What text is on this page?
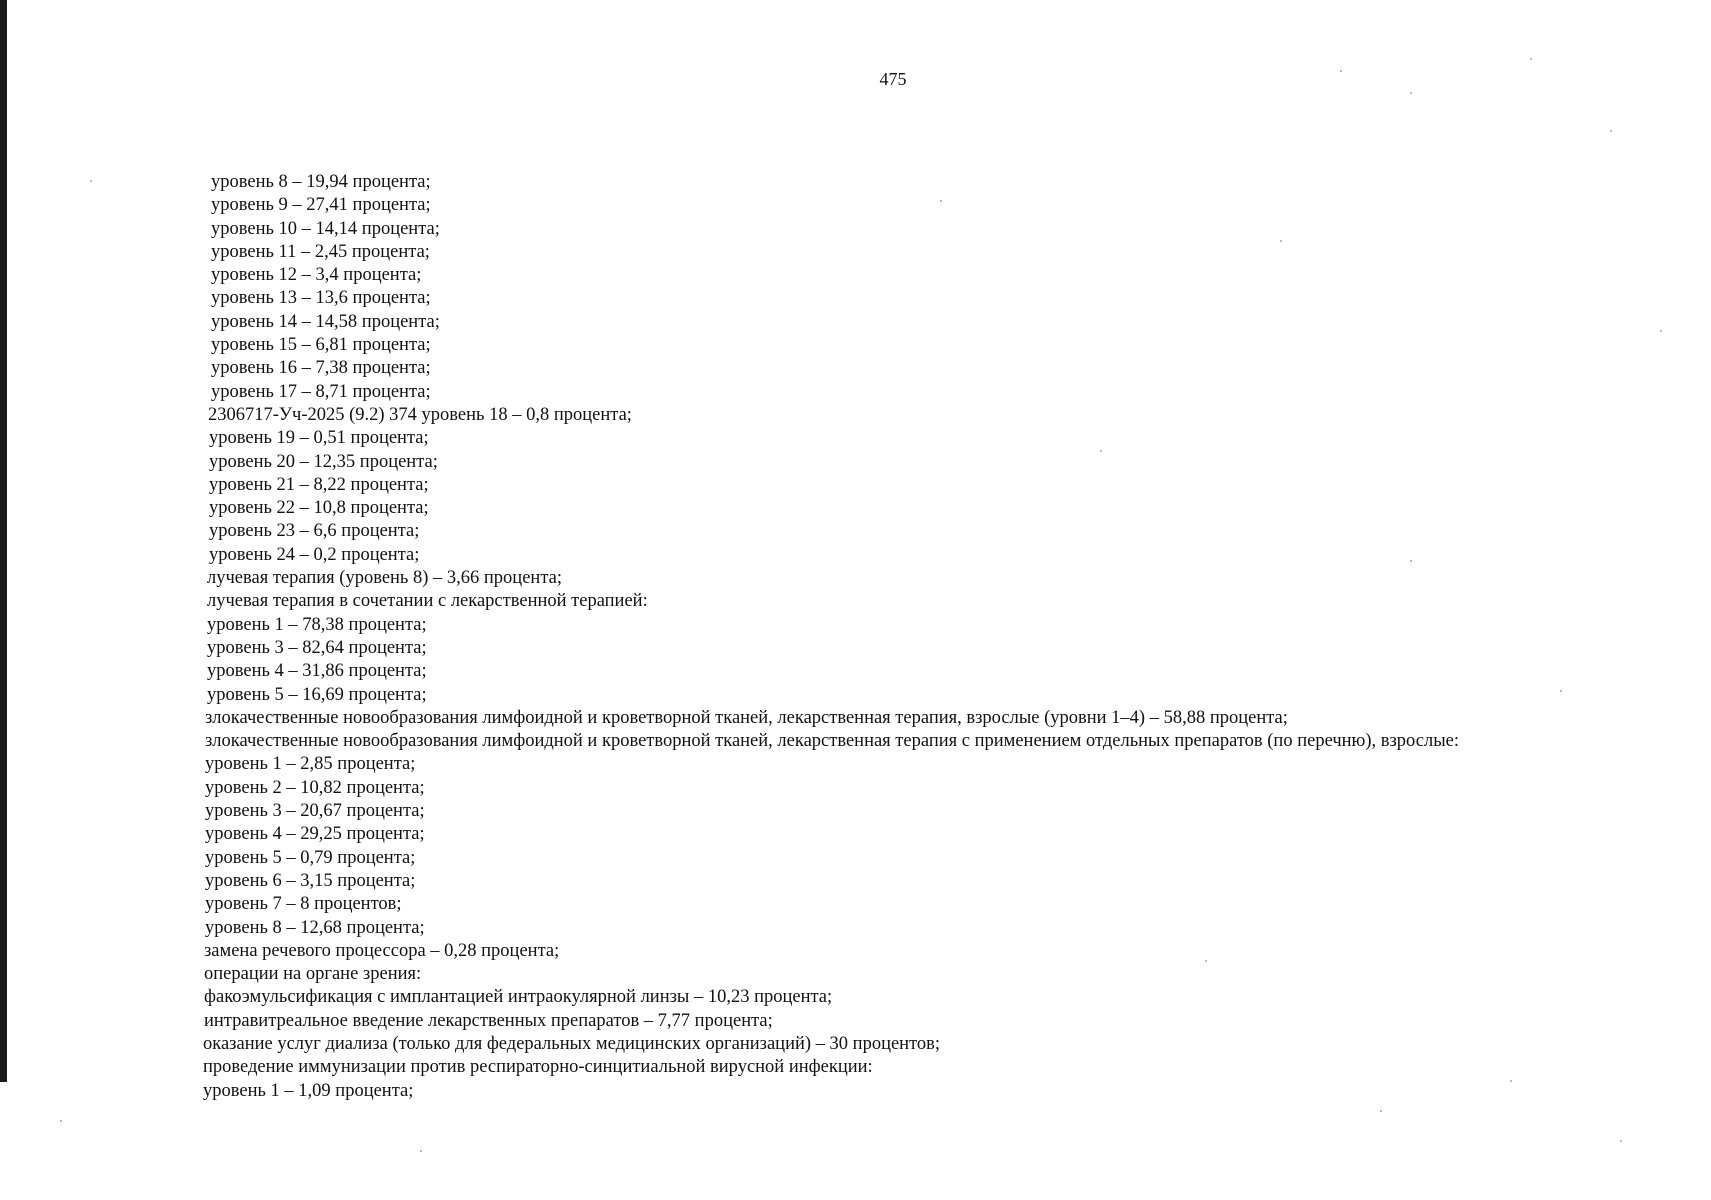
475
уровень 8 – 19,94 процента;
уровень 9 – 27,41 процента;
уровень 10 – 14,14 процента;
уровень 11 – 2,45 процента;
уровень 12 – 3,4 процента;
уровень 13 – 13,6 процента;
уровень 14 – 14,58 процента;
уровень 15 – 6,81 процента;
уровень 16 – 7,38 процента;
уровень 17 – 8,71 процента;
2306717-Уч-2025 (9.2) 374 уровень 18 – 0,8 процента;
уровень 19 – 0,51 процента;
уровень 20 – 12,35 процента;
уровень 21 – 8,22 процента;
уровень 22 – 10,8 процента;
уровень 23 – 6,6 процента;
уровень 24 – 0,2 процента;
лучевая терапия (уровень 8) – 3,66 процента;
лучевая терапия в сочетании с лекарственной терапией:
уровень 1 – 78,38 процента;
уровень 3 – 82,64 процента;
уровень 4 – 31,86 процента;
уровень 5 – 16,69 процента;
злокачественные новообразования лимфоидной и кроветворной тканей, лекарственная терапия, взрослые (уровни 1–4) – 58,88 процента;
злокачественные новообразования лимфоидной и кроветворной тканей, лекарственная терапия с применением отдельных препаратов (по перечню), взрослые:
уровень 1 – 2,85 процента;
уровень 2 – 10,82 процента;
уровень 3 – 20,67 процента;
уровень 4 – 29,25 процента;
уровень 5 – 0,79 процента;
уровень 6 – 3,15 процента;
уровень 7 – 8 процентов;
уровень 8 – 12,68 процента;
замена речевого процессора – 0,28 процента;
операции на органе зрения:
факоэмульсификация с имплантацией интраокулярной линзы – 10,23 процента;
интравитреальное введение лекарственных препаратов – 7,77 процента;
оказание услуг диализа (только для федеральных медицинских организаций) – 30 процентов;
проведение иммунизации против респираторно-синцитиальной вирусной инфекции:
уровень 1 – 1,09 процента;
